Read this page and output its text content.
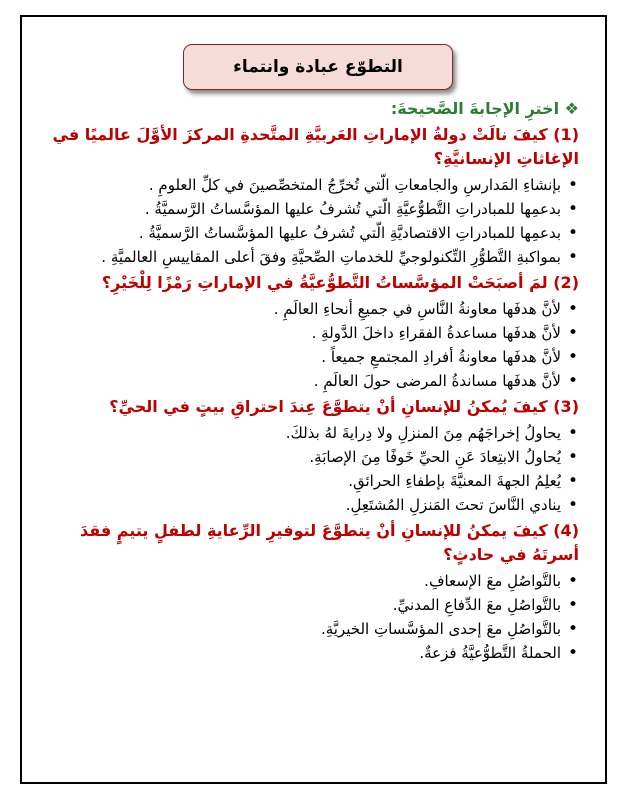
التطوّع عبادة وانتماء
❖ اخترِ الإجابةَ الصَّحيحةَ:
(1) كيفَ نالَتْ دولةُ الإماراتِ العَربيَّةِ المتَّحدةِ المركزَ الأوَّلَ عالميًا في الإغاثاتِ الإنسانيَّةِ؟
• بإنشاءِ المَدارسِ والجامعاتِ الّتي تُخرِّجُ المتخصِّصينَ في كلِّ العلومِ .
• بدعمِها للمبادراتِ التَّطوُّعيَّةِ الّتي تُشرفُ عليها المؤسَّساتُ الرَّسميَّةُ .
• بدعمِها للمبادراتِ الاقتصاديَّةِ الّتي تُشرفُ عليها المؤسَّساتُ الرَّسميَّةُ .
• بمواكبةِ التَّطوُّرِ التِّكنولوجيِّ للخدماتِ الصِّحيَّةِ وفقَ أعلى المقاييسِ العالميَّةِ .
(2) لمَ أصبَحَتْ المؤسَّساتُ التَّطوُّعيَّةُ في الإماراتِ رَمْزًا لِلْخَيْرِ؟
• لأنَّ هدفَها معاونةُ النَّاسِ في جميعِ أنحاءِ العالَمِ .
• لأنَّ هدفَها مساعدةُ الفقراءِ داخلَ الدَّولةِ .
• لأنَّ هدفَها معاونةُ أفرادِ المجتمعِ جميعاً .
• لأنَّ هدفَها مساندةُ المرضى حولَ العالَمِ .
(3) كيفَ يُمكنُ للإنسانِ أنْ يتطوَّعَ عِندَ احتراقِ بيتٍ في الحيِّ؟
• يحاولُ إخراجَهُم مِنَ المنزلِ ولا دِرايةَ لهُ بذلكَ.
• يُحاولُ الابتِعادَ عَنِ الحيِّ خَوفًا مِنَ الإصابَةِ.
• يُعلِمُ الجهةَ المعنيَّةَ بإطفاءِ الحرائقِ.
• ينادي النَّاسَ تحتَ المَنزلِ المُشتَعِلِ.
(4) كيفَ يمكنُ للإنسانِ أنْ يتطوَّعَ لتوفيرِ الرِّعايةِ لطفلٍ يتيمٍ فقدَ أسرتَهُ في حادثٍ؟
• بالتَّواصُلِ معَ الإسعافِ.
• بالتَّواصُلِ معَ الدِّفاعِ المدنيِّ.
• بالتَّواصُلِ معَ إحدى المؤسَّساتِ الخيريَّةِ.
• الحملةُ التَّطوُّعيَّةُ فزعةٌ.
